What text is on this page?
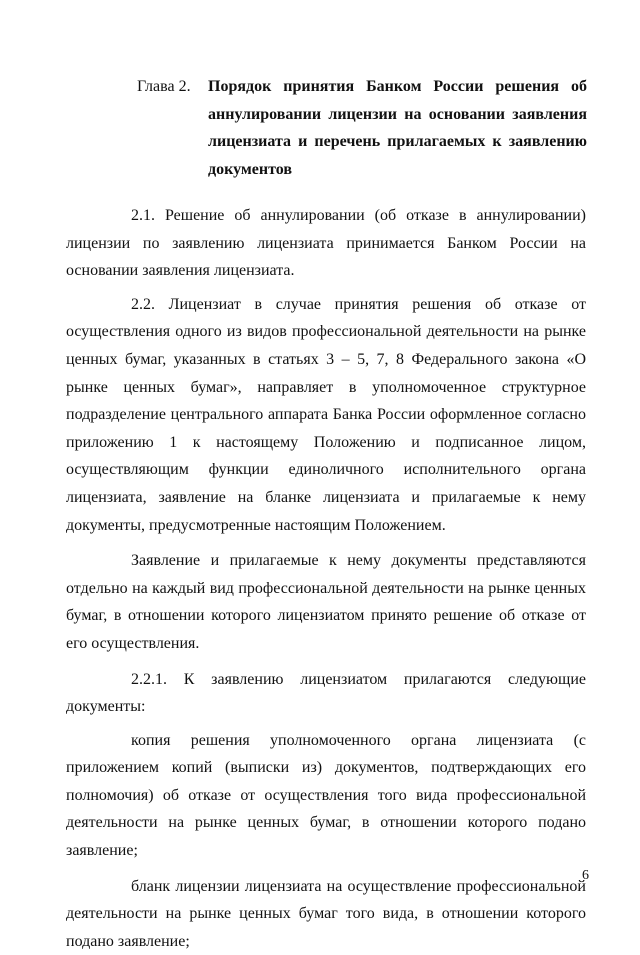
Глава 2.	Порядок принятия Банком России решения об аннулировании лицензии на основании заявления лицензиата и перечень прилагаемых к заявлению документов

2.1. Решение об аннулировании (об отказе в аннулировании) лицензии по заявлению лицензиата принимается Банком России на основании заявления лицензиата.

2.2. Лицензиат в случае принятия решения об отказе от осуществления одного из видов профессиональной деятельности на рынке ценных бумаг, указанных в статьях 3 – 5, 7, 8 Федерального закона «О рынке ценных бумаг», направляет в уполномоченное структурное подразделение центрального аппарата Банка России оформленное согласно приложению 1 к настоящему Положению и подписанное лицом, осуществляющим функции единоличного исполнительного органа лицензиата, заявление на бланке лицензиата и прилагаемые к нему документы, предусмотренные настоящим Положением.

Заявление и прилагаемые к нему документы представляются отдельно на каждый вид профессиональной деятельности на рынке ценных бумаг, в отношении которого лицензиатом принято решение об отказе от его осуществления.

2.2.1. К заявлению лицензиатом прилагаются следующие документы:

копия решения уполномоченного органа лицензиата (с приложением копий (выписки из) документов, подтверждающих его полномочия) об отказе от осуществления того вида профессиональной деятельности на рынке ценных бумаг, в отношении которого подано заявление;

бланк лицензии лицензиата на осуществление профессиональной деятельности на рынке ценных бумаг того вида, в отношении которого подано заявление;

6
